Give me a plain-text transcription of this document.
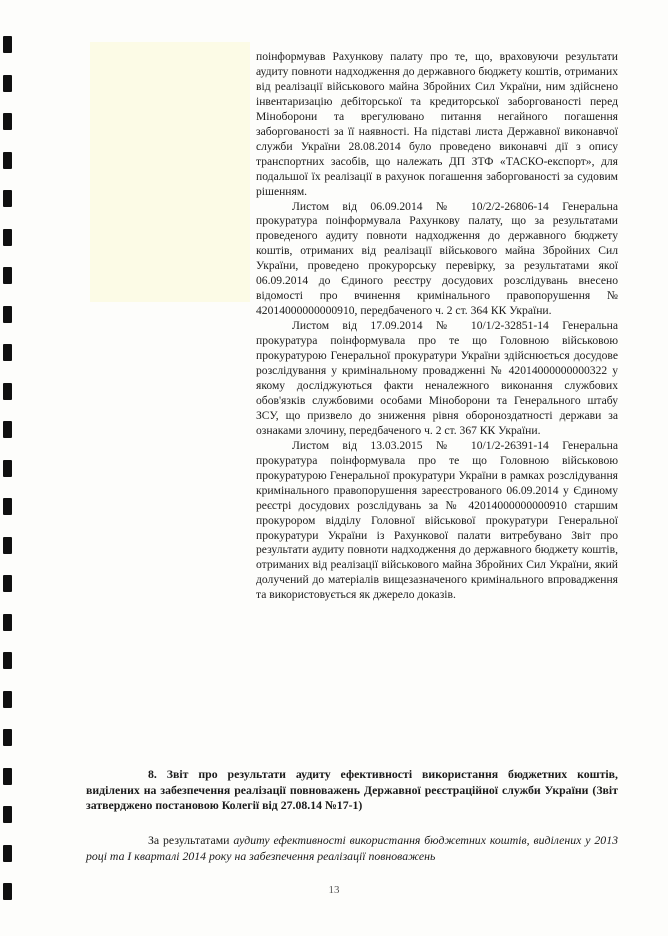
поінформував Рахункову палату про те, що, враховуючи результати аудиту повноти надходження до державного бюджету коштів, отриманих від реалізації військового майна Збройних Сил України, ним здійснено інвентаризацію дебіторської та кредиторської заборгованості перед Міноборони та врегулювано питання негайного погашення заборгованості за її наявності. На підставі листа Державної виконавчої служби України 28.08.2014 було проведено виконавчі дії з опису транспортних засобів, що належать ДП ЗТФ «ТАСКО-експорт», для подальшої їх реалізації в рахунок погашення заборгованості за судовим рішенням.

Листом від 06.09.2014 № 10/2/2-26806-14 Генеральна прокуратура поінформувала Рахункову палату, що за результатами проведеного аудиту повноти надходження до державного бюджету коштів, отриманих від реалізації військового майна Збройних Сил України, проведено прокурорську перевірку, за результатами якої 06.09.2014 до Єдиного реєстру досудових розслідувань внесено відомості про вчинення кримінального правопорушення № 42014000000000910, передбаченого ч. 2 ст. 364 КК України.

Листом від 17.09.2014 № 10/1/2-32851-14 Генеральна прокуратура поінформувала про те що Головною військовою прокуратурою Генеральної прокуратури України здійснюється досудове розслідування у кримінальному провадженні № 42014000000000322 у якому досліджуються факти неналежного виконання службових обов'язків службовими особами Міноборони та Генерального штабу ЗСУ, що призвело до зниження рівня обороноздатності держави за ознаками злочину, передбаченого ч. 2 ст. 367 КК України.

Листом від 13.03.2015 № 10/1/2-26391-14 Генеральна прокуратура поінформувала про те що Головною військовою прокуратурою Генеральної прокуратури України в рамках розслідування кримінального правопорушення зареєстрованого 06.09.2014 у Єдиному реєстрі досудових розслідувань за № 42014000000000910 старшим прокурором відділу Головної військової прокуратури Генеральної прокуратури України із Рахункової палати витребувано Звіт про результати аудиту повноти надходження до державного бюджету коштів, отриманих від реалізації військового майна Збройних Сил України, який долучений до матеріалів вищезазначеного кримінального впровадження та використовується як джерело доказів.

8. Звіт про результати аудиту ефективності використання бюджетних коштів, виділених на забезпечення реалізації повноважень Державної реєстраційної служби України (Звіт затверджено постановою Колегії від 27.08.14 №17-1)
За результатами аудиту ефективності використання бюджетних коштів, виділених у 2013 році та І кварталі 2014 року на забезпечення реалізації повноважень
13
